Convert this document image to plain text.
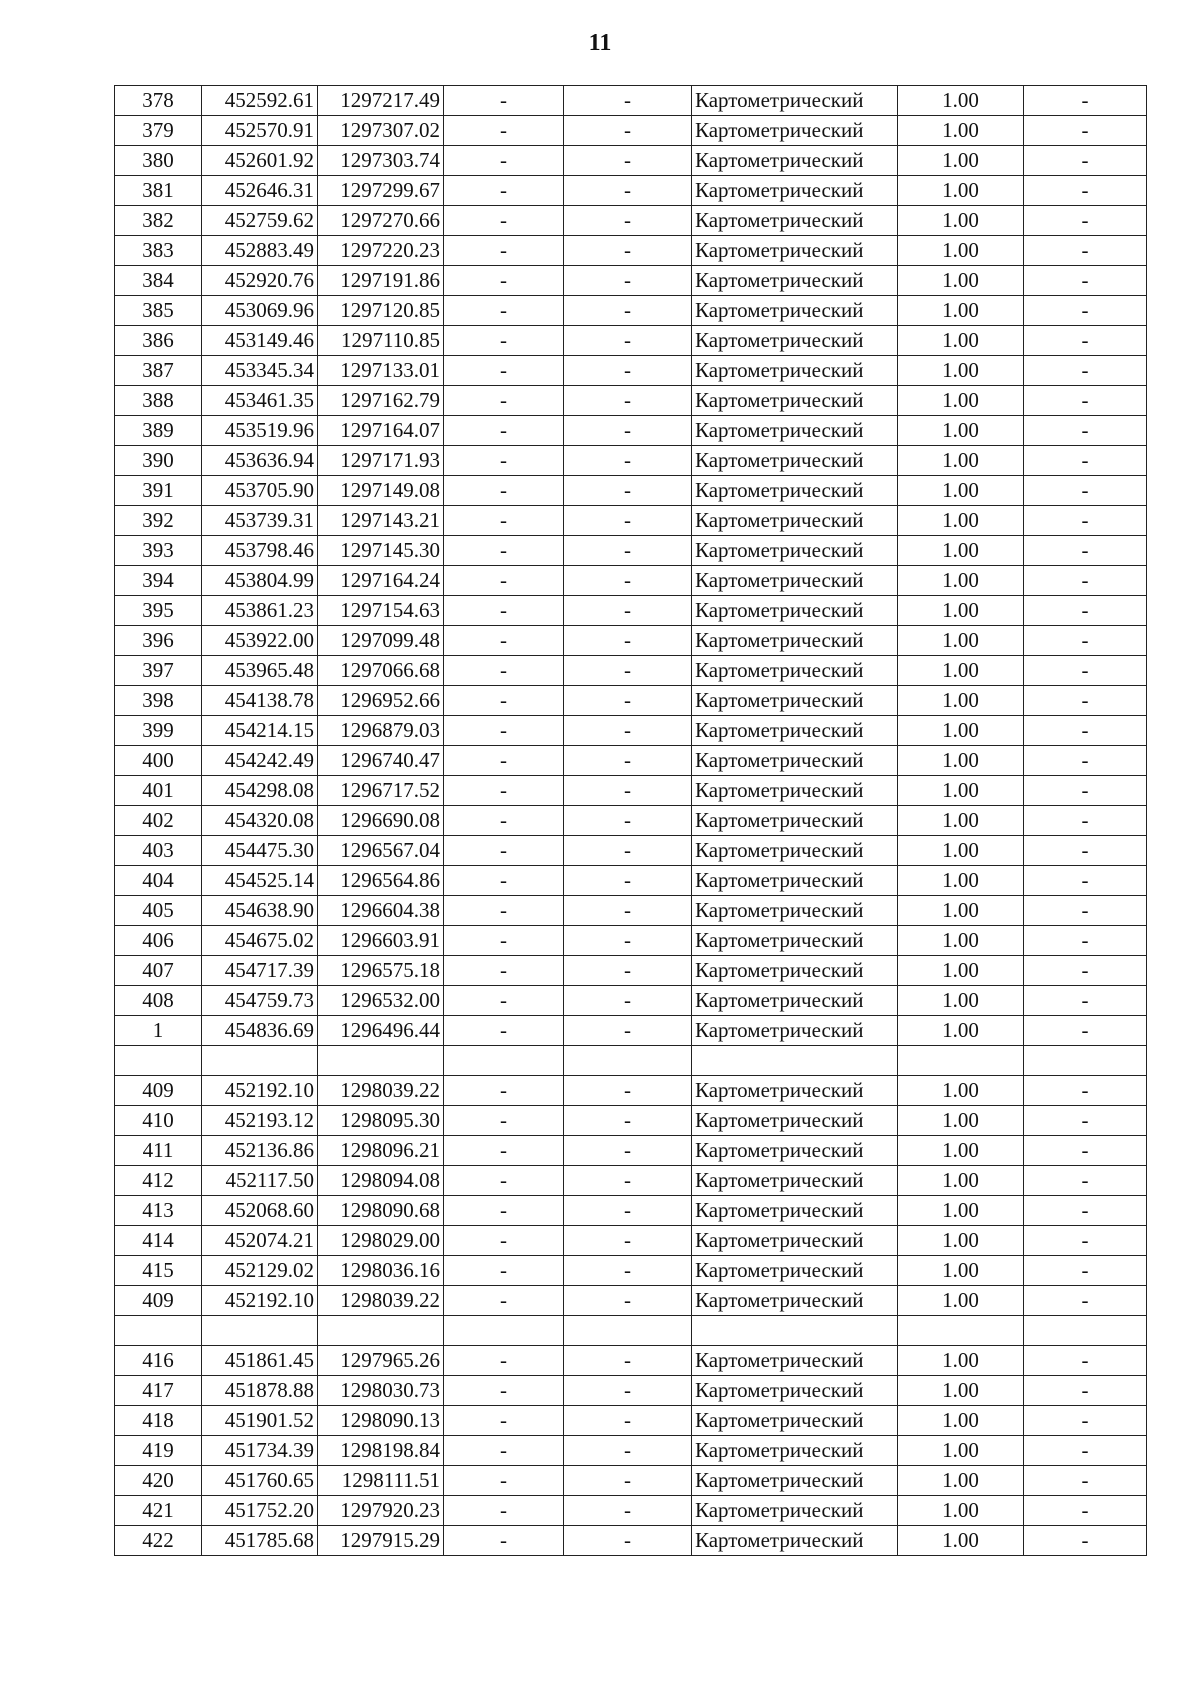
11
378	452592.61	1297217.49	-	-	Картометрический	1.00	-
379	452570.91	1297307.02	-	-	Картометрический	1.00	-
380	452601.92	1297303.74	-	-	Картометрический	1.00	-
381	452646.31	1297299.67	-	-	Картометрический	1.00	-
382	452759.62	1297270.66	-	-	Картометрический	1.00	-
383	452883.49	1297220.23	-	-	Картометрический	1.00	-
384	452920.76	1297191.86	-	-	Картометрический	1.00	-
385	453069.96	1297120.85	-	-	Картометрический	1.00	-
386	453149.46	1297110.85	-	-	Картометрический	1.00	-
387	453345.34	1297133.01	-	-	Картометрический	1.00	-
388	453461.35	1297162.79	-	-	Картометрический	1.00	-
389	453519.96	1297164.07	-	-	Картометрический	1.00	-
390	453636.94	1297171.93	-	-	Картометрический	1.00	-
391	453705.90	1297149.08	-	-	Картометрический	1.00	-
392	453739.31	1297143.21	-	-	Картометрический	1.00	-
393	453798.46	1297145.30	-	-	Картометрический	1.00	-
394	453804.99	1297164.24	-	-	Картометрический	1.00	-
395	453861.23	1297154.63	-	-	Картометрический	1.00	-
396	453922.00	1297099.48	-	-	Картометрический	1.00	-
397	453965.48	1297066.68	-	-	Картометрический	1.00	-
398	454138.78	1296952.66	-	-	Картометрический	1.00	-
399	454214.15	1296879.03	-	-	Картометрический	1.00	-
400	454242.49	1296740.47	-	-	Картометрический	1.00	-
401	454298.08	1296717.52	-	-	Картометрический	1.00	-
402	454320.08	1296690.08	-	-	Картометрический	1.00	-
403	454475.30	1296567.04	-	-	Картометрический	1.00	-
404	454525.14	1296564.86	-	-	Картометрический	1.00	-
405	454638.90	1296604.38	-	-	Картометрический	1.00	-
406	454675.02	1296603.91	-	-	Картометрический	1.00	-
407	454717.39	1296575.18	-	-	Картометрический	1.00	-
408	454759.73	1296532.00	-	-	Картометрический	1.00	-
1	454836.69	1296496.44	-	-	Картометрический	1.00	-

409	452192.10	1298039.22	-	-	Картометрический	1.00	-
410	452193.12	1298095.30	-	-	Картометрический	1.00	-
411	452136.86	1298096.21	-	-	Картометрический	1.00	-
412	452117.50	1298094.08	-	-	Картометрический	1.00	-
413	452068.60	1298090.68	-	-	Картометрический	1.00	-
414	452074.21	1298029.00	-	-	Картометрический	1.00	-
415	452129.02	1298036.16	-	-	Картометрический	1.00	-
409	452192.10	1298039.22	-	-	Картометрический	1.00	-

416	451861.45	1297965.26	-	-	Картометрический	1.00	-
417	451878.88	1298030.73	-	-	Картометрический	1.00	-
418	451901.52	1298090.13	-	-	Картометрический	1.00	-
419	451734.39	1298198.84	-	-	Картометрический	1.00	-
420	451760.65	1298111.51	-	-	Картометрический	1.00	-
421	451752.20	1297920.23	-	-	Картометрический	1.00	-
422	451785.68	1297915.29	-	-	Картометрический	1.00	-
